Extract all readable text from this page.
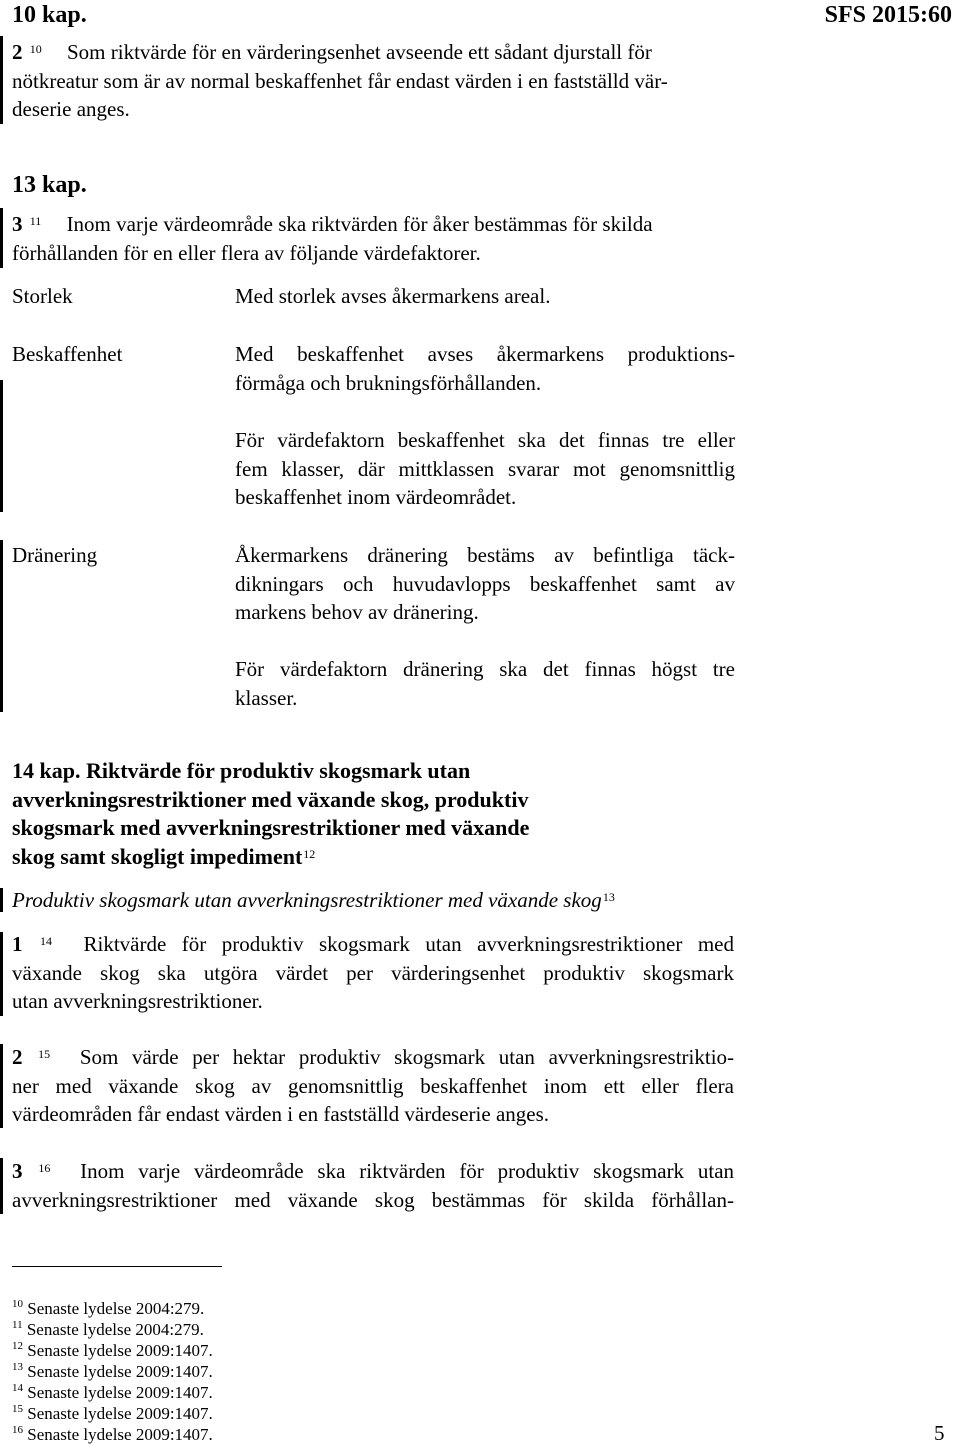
10 kap.	SFS 2015:60
2 $^{10}$ Som riktvärde för en värderingsenhet avseende ett sådant djurstall för
nötkreatur som är av normal beskaffenhet får endast värden i en fastställd vär-
deserie anges.
13 kap.
3 $^{11}$ Inom varje värdeområde ska riktvärden för åker bestämmas för skilda
förhållanden för en eller flera av följande värdefaktorer.
Storlek	Med storlek avses åkermarkens areal.
Beskaffenhet	Med beskaffenhet avses åkermarkens produktions-
förmåga och brukningsförhållanden.
För värdefaktorn beskaffenhet ska det finnas tre eller
fem klasser, där mittklassen svarar mot genomsnittlig
beskaffenhet inom värdeområdet.
Dränering	Åkermarkens dränering bestäms av befintliga täck-
dikningars och huvudavlopps beskaffenhet samt av
markens behov av dränering.
För värdefaktorn dränering ska det finnas högst tre
klasser.
14 kap. Riktvärde för produktiv skogsmark utan
avverkningsrestriktioner med växande skog, produktiv
skogsmark med avverkningsrestriktioner med växande
skog samt skogligt impediment$^{12}$
Produktiv skogsmark utan avverkningsrestriktioner med växande skog$^{13}$
1 $^{14}$ Riktvärde för produktiv skogsmark utan avverkningsrestriktioner med
växande skog ska utgöra värdet per värderingsenhet produktiv skogsmark
utan avverkningsrestriktioner.
2 $^{15}$ Som värde per hektar produktiv skogsmark utan avverkningsrestriktio-
ner med växande skog av genomsnittlig beskaffenhet inom ett eller flera
värdeområden får endast värden i en fastställd värdeserie anges.
3 $^{16}$ Inom varje värdeområde ska riktvärden för produktiv skogsmark utan
avverkningsrestriktioner med växande skog bestämmas för skilda förhållan-
$^{10}$ Senaste lydelse 2004:279.
$^{11}$ Senaste lydelse 2004:279.
$^{12}$ Senaste lydelse 2009:1407.
$^{13}$ Senaste lydelse 2009:1407.
$^{14}$ Senaste lydelse 2009:1407.
$^{15}$ Senaste lydelse 2009:1407.
$^{16}$ Senaste lydelse 2009:1407.	5
